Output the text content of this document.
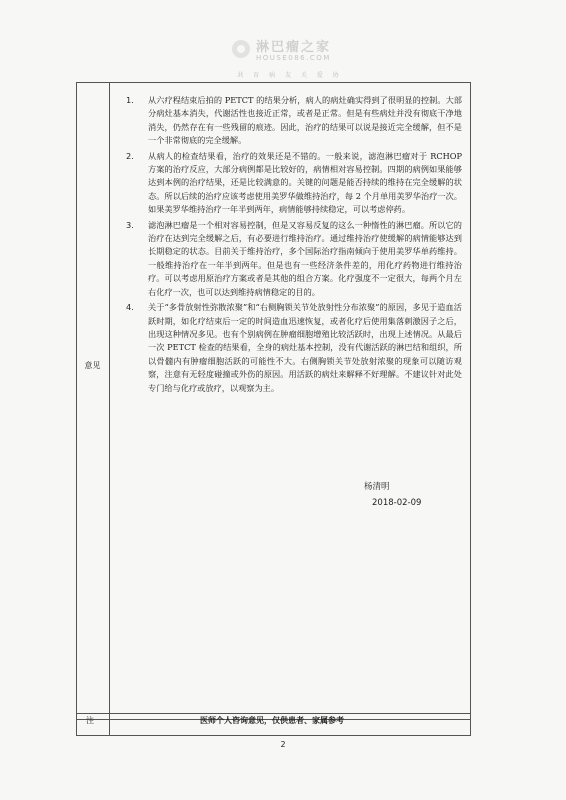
淋巴瘤之家
HOUSE086.COM
共 育 病 友 关 爱 协
意见
1.	从六疗程结束后拍的 PETCT 的结果分析，病人的病灶确实得到了很明显的控制。大部分病灶基本消失，代谢活性也接近正常，或者是正常。但是有些病灶并没有彻底干净地消失，仍然存在有一些残留的痕迹。因此，治疗的结果可以说是接近完全缓解，但不是一个非常彻底的完全缓解。
2.	从病人的检查结果看，治疗的效果还是不错的。一般来说，滤泡淋巴瘤对于 RCHOP 方案的治疗反应，大部分病例都是比较好的，病情相对容易控制。四期的病例如果能够达到本例的治疗结果，还是比较满意的。关键的问题是能否持续的维持在完全缓解的状态。所以后续的治疗应该考虑使用美罗华做维持治疗，每 2 个月单用美罗华治疗一次。如果美罗华维持治疗一年半到两年，病情能够持续稳定，可以考虑停药。
3.	滤泡淋巴瘤是一个相对容易控制，但是又容易反复的这么一种惰性的淋巴瘤。所以它的治疗在达到完全缓解之后，有必要进行维持治疗。通过维持治疗使缓解的病情能够达到长期稳定的状态。目前关于维持治疗，多个国际治疗指南倾向于使用美罗华单药维持。一般维持治疗在一年半到两年。但是也有一些经济条件差的，用化疗药物进行维持治疗。可以考虑用原治疗方案或者是其他的组合方案。化疗强度不一定很大，每两个月左右化疗一次，也可以达到维持病情稳定的目的。
4.	关于“多骨放射性弥散浓聚”和“右侧胸锁关节处放射性分布浓聚”的原因，多见于造血活跃时期，如化疗结束后一定的时间造血迅速恢复，或者化疗后使用集落刺激因子之后，出现这种情况多见。也有个别病例在肿瘤细胞增殖比较活跃时，出现上述情况。从最后一次 PETCT 检查的结果看，全身的病灶基本控制，没有代谢活跃的淋巴结和组织，所以骨髓内有肿瘤细胞活跃的可能性不大。右侧胸锁关节处放射浓聚的现象可以随访观察，注意有无轻度碰撞或外伤的原因。用活跃的病灶来解释不好理解。不建议针对此处专门给与化疗或放疗，以观察为主。
杨清明
2018-02-09
注	医师个人咨询意见，仅供患者、家属参考
2
